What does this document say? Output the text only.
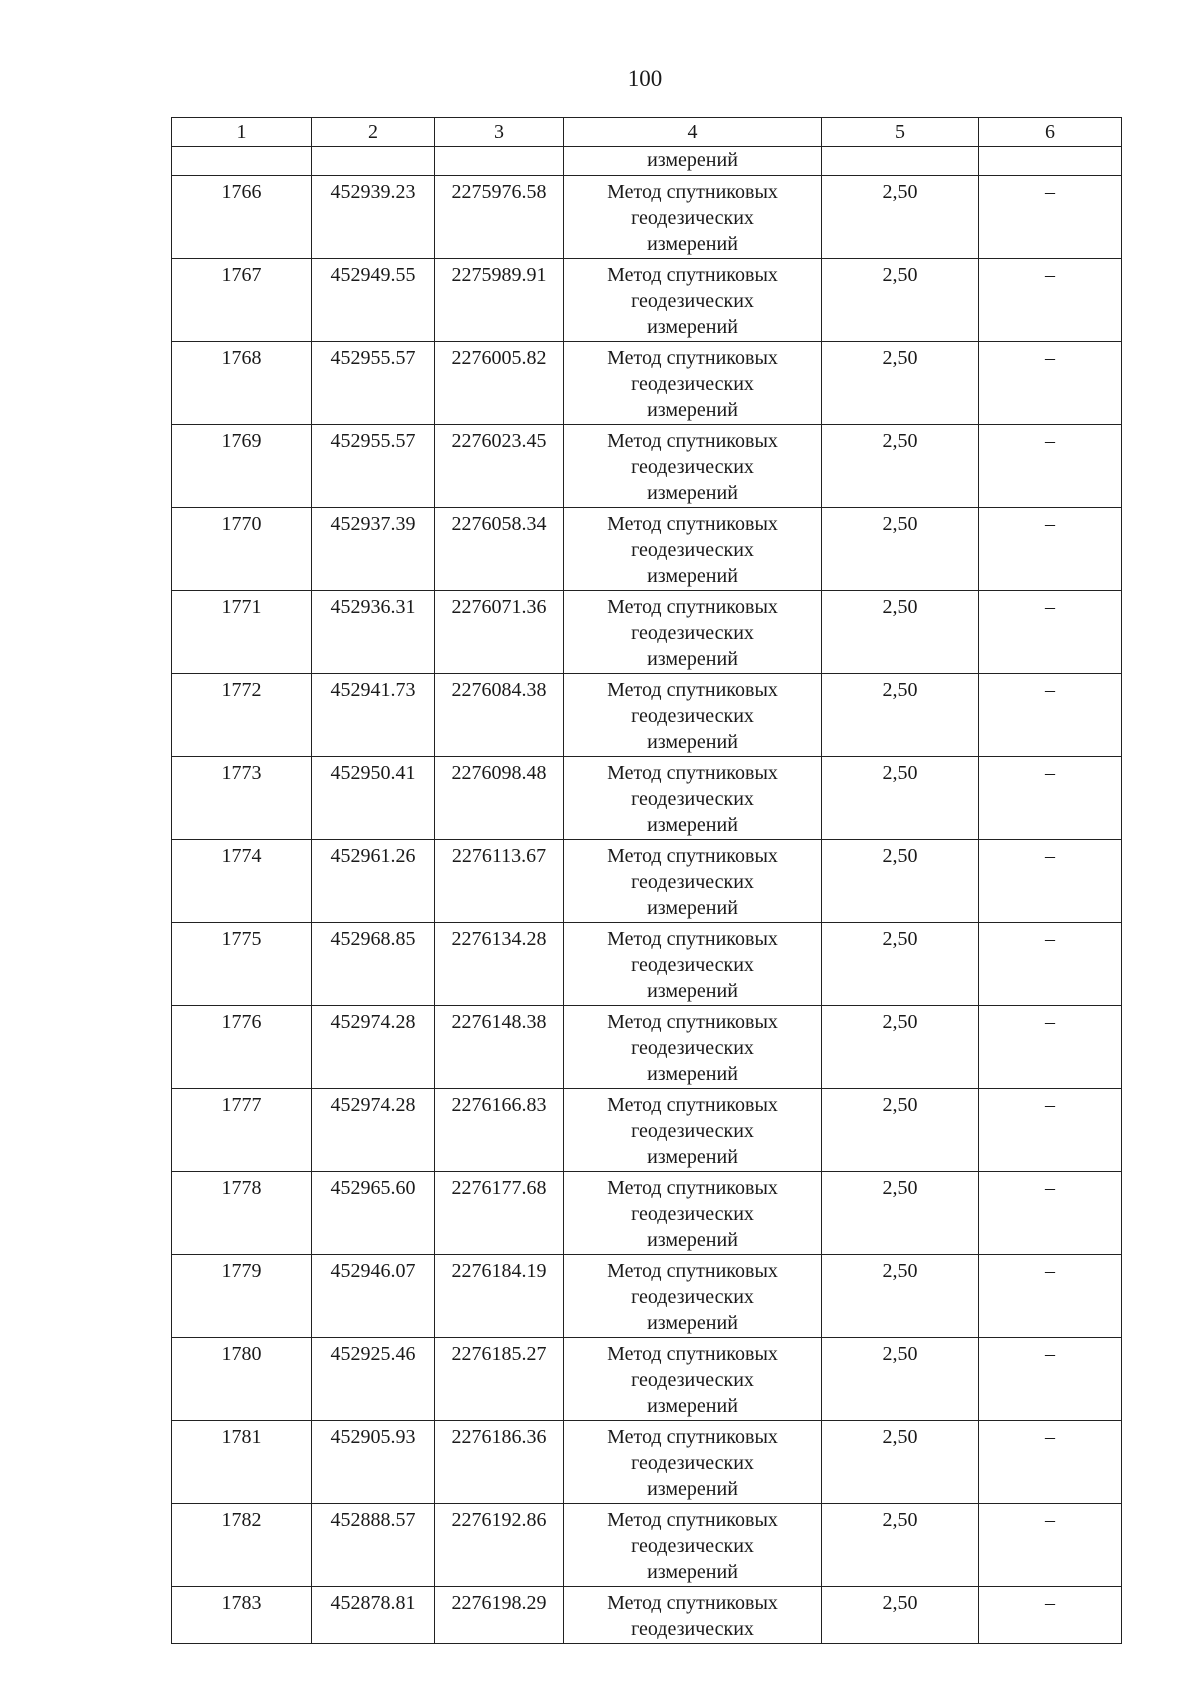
100
1	2	3	4	5	6
			измерений		
1766	452939.23	2275976.58	Метод спутниковых
геодезических
измерений	2,50	–
1767	452949.55	2275989.91	Метод спутниковых
геодезических
измерений	2,50	–
1768	452955.57	2276005.82	Метод спутниковых
геодезических
измерений	2,50	–
1769	452955.57	2276023.45	Метод спутниковых
геодезических
измерений	2,50	–
1770	452937.39	2276058.34	Метод спутниковых
геодезических
измерений	2,50	–
1771	452936.31	2276071.36	Метод спутниковых
геодезических
измерений	2,50	–
1772	452941.73	2276084.38	Метод спутниковых
геодезических
измерений	2,50	–
1773	452950.41	2276098.48	Метод спутниковых
геодезических
измерений	2,50	–
1774	452961.26	2276113.67	Метод спутниковых
геодезических
измерений	2,50	–
1775	452968.85	2276134.28	Метод спутниковых
геодезических
измерений	2,50	–
1776	452974.28	2276148.38	Метод спутниковых
геодезических
измерений	2,50	–
1777	452974.28	2276166.83	Метод спутниковых
геодезических
измерений	2,50	–
1778	452965.60	2276177.68	Метод спутниковых
геодезических
измерений	2,50	–
1779	452946.07	2276184.19	Метод спутниковых
геодезических
измерений	2,50	–
1780	452925.46	2276185.27	Метод спутниковых
геодезических
измерений	2,50	–
1781	452905.93	2276186.36	Метод спутниковых
геодезических
измерений	2,50	–
1782	452888.57	2276192.86	Метод спутниковых
геодезических
измерений	2,50	–
1783	452878.81	2276198.29	Метод спутниковых
геодезических	2,50	–
